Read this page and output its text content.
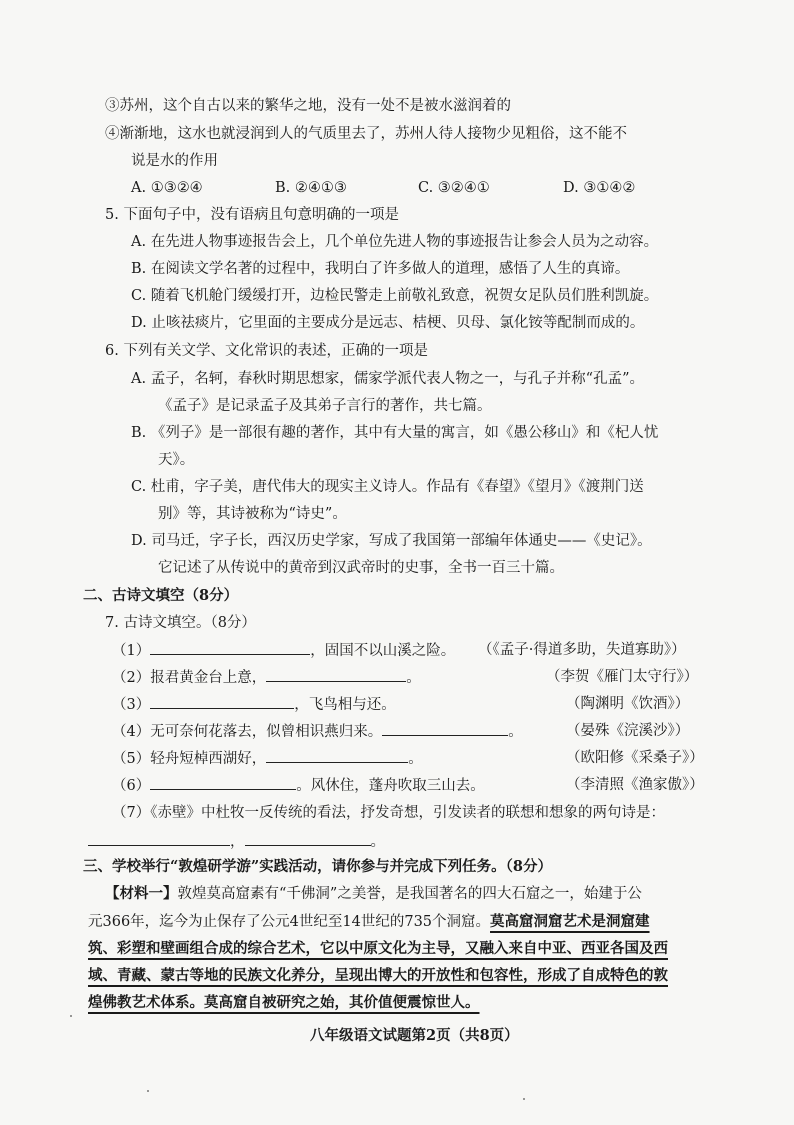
③苏州，这个自古以来的繁华之地，没有一处不是被水滋润着的
④渐渐地，这水也就浸润到人的气质里去了，苏州人待人接物少见粗俗，这不能不
说是水的作用
A. ①③②④	B. ②④①③	C. ③②④①	D. ③①④②
5. 下面句子中，没有语病且句意明确的一项是
A. 在先进人物事迹报告会上，几个单位先进人物的事迹报告让参会人员为之动容。
B. 在阅读文学名著的过程中，我明白了许多做人的道理，感悟了人生的真谛。
C. 随着飞机舱门缓缓打开，边检民警走上前敬礼致意，祝贺女足队员们胜利凯旋。
D. 止咳祛痰片，它里面的主要成分是远志、桔梗、贝母、氯化铵等配制而成的。
6. 下列有关文学、文化常识的表述，正确的一项是
A. 孟子，名轲，春秋时期思想家，儒家学派代表人物之一，与孔子并称“孔孟”。
《孟子》是记录孟子及其弟子言行的著作，共七篇。
B. 《列子》是一部很有趣的著作，其中有大量的寓言，如《愚公移山》和《杞人忧
天》。
C. 杜甫，字子美，唐代伟大的现实主义诗人。作品有《春望》《望月》《渡荆门送
别》等，其诗被称为“诗史”。
D. 司马迁，字子长，西汉历史学家，写成了我国第一部编年体通史——《史记》。
它记述了从传说中的黄帝到汉武帝时的史事，全书一百三十篇。
二、古诗文填空（8分）
7. 古诗文填空。（8分）
（1）	，固国不以山溪之险。 （《孟子·得道多助，失道寡助》）
（2）报君黄金台上意，	。	（李贺《雁门太守行》）
（3）	，飞鸟相与还。	（陶渊明《饮酒》）
（4）无可奈何花落去，似曾相识燕归来。	。	（晏殊《浣溪沙》）
（5）轻舟短棹西湖好，	。	（欧阳修《采桑子》）
（6）	。风休住，蓬舟吹取三山去。	（李清照《渔家傲》）
（7）《赤壁》中杜牧一反传统的看法，抒发奇想，引发读者的联想和想象的两句诗是：
，	。
三、学校举行“敦煌研学游”实践活动，请你参与并完成下列任务。（8分）
【材料一】敦煌莫高窟素有“千佛洞”之美誉，是我国著名的四大石窟之一，始建于公
元366年，迄今为止保存了公元4世纪至14世纪的735个洞窟。莫高窟洞窟艺术是洞窟建
筑、彩塑和壁画组合成的综合艺术，它以中原文化为主导，又融入来自中亚、西亚各国及西
域、青藏、蒙古等地的民族文化养分，呈现出博大的开放性和包容性，形成了自成特色的敦
煌佛教艺术体系。莫高窟自被研究之始，其价值便震惊世人。
八年级语文试题第2页（共8页）
